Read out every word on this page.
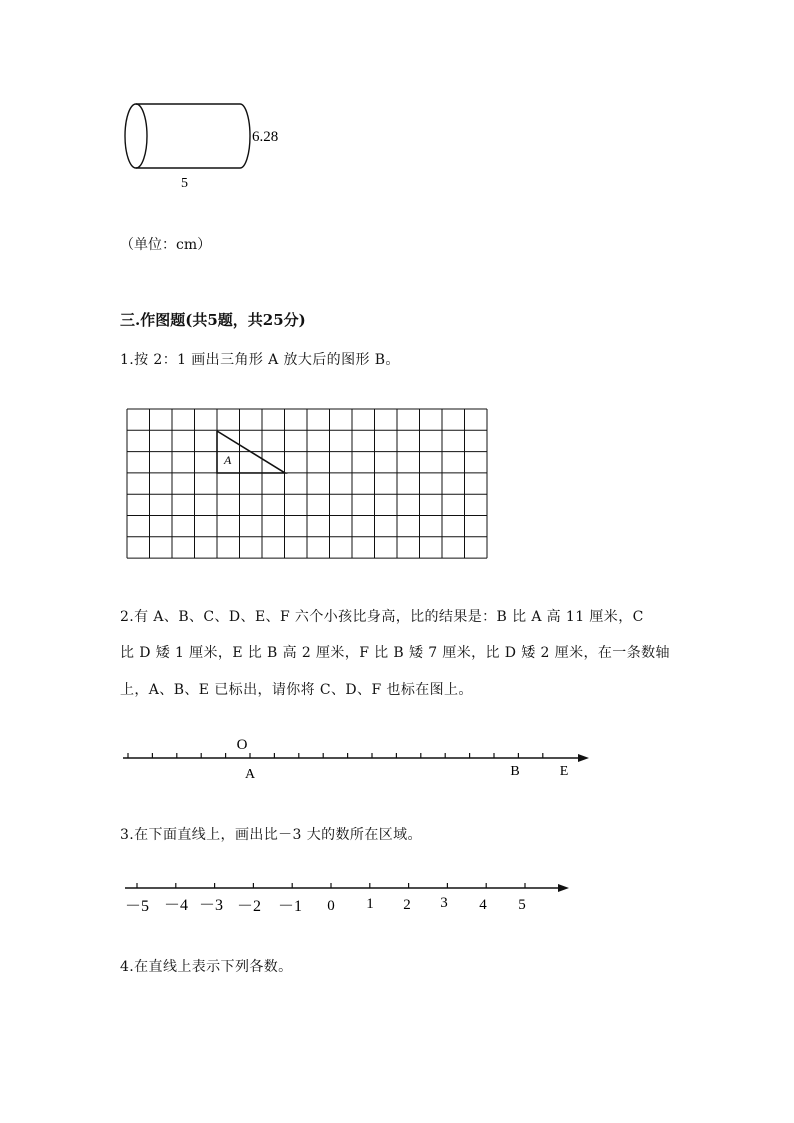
6.28
5
（单位：cm）
三.作图题(共5题，共25分)
1.按 2：1 画出三角形 A 放大后的图形 B。
A
2.有 A、B、C、D、E、F 六个小孩比身高，比的结果是：B 比 A 高 11 厘米，C
比 D 矮 1 厘米，E 比 B 高 2 厘米，F 比 B 矮 7 厘米，比 D 矮 2 厘米，在一条数轴
上，A、B、E 已标出，请你将 C、D、F 也标在图上。
O
A	B	E
3.在下面直线上，画出比－3 大的数所在区域。
－5 －4 －3 －2 －1 0 1 2 3 4 5
4.在直线上表示下列各数。
